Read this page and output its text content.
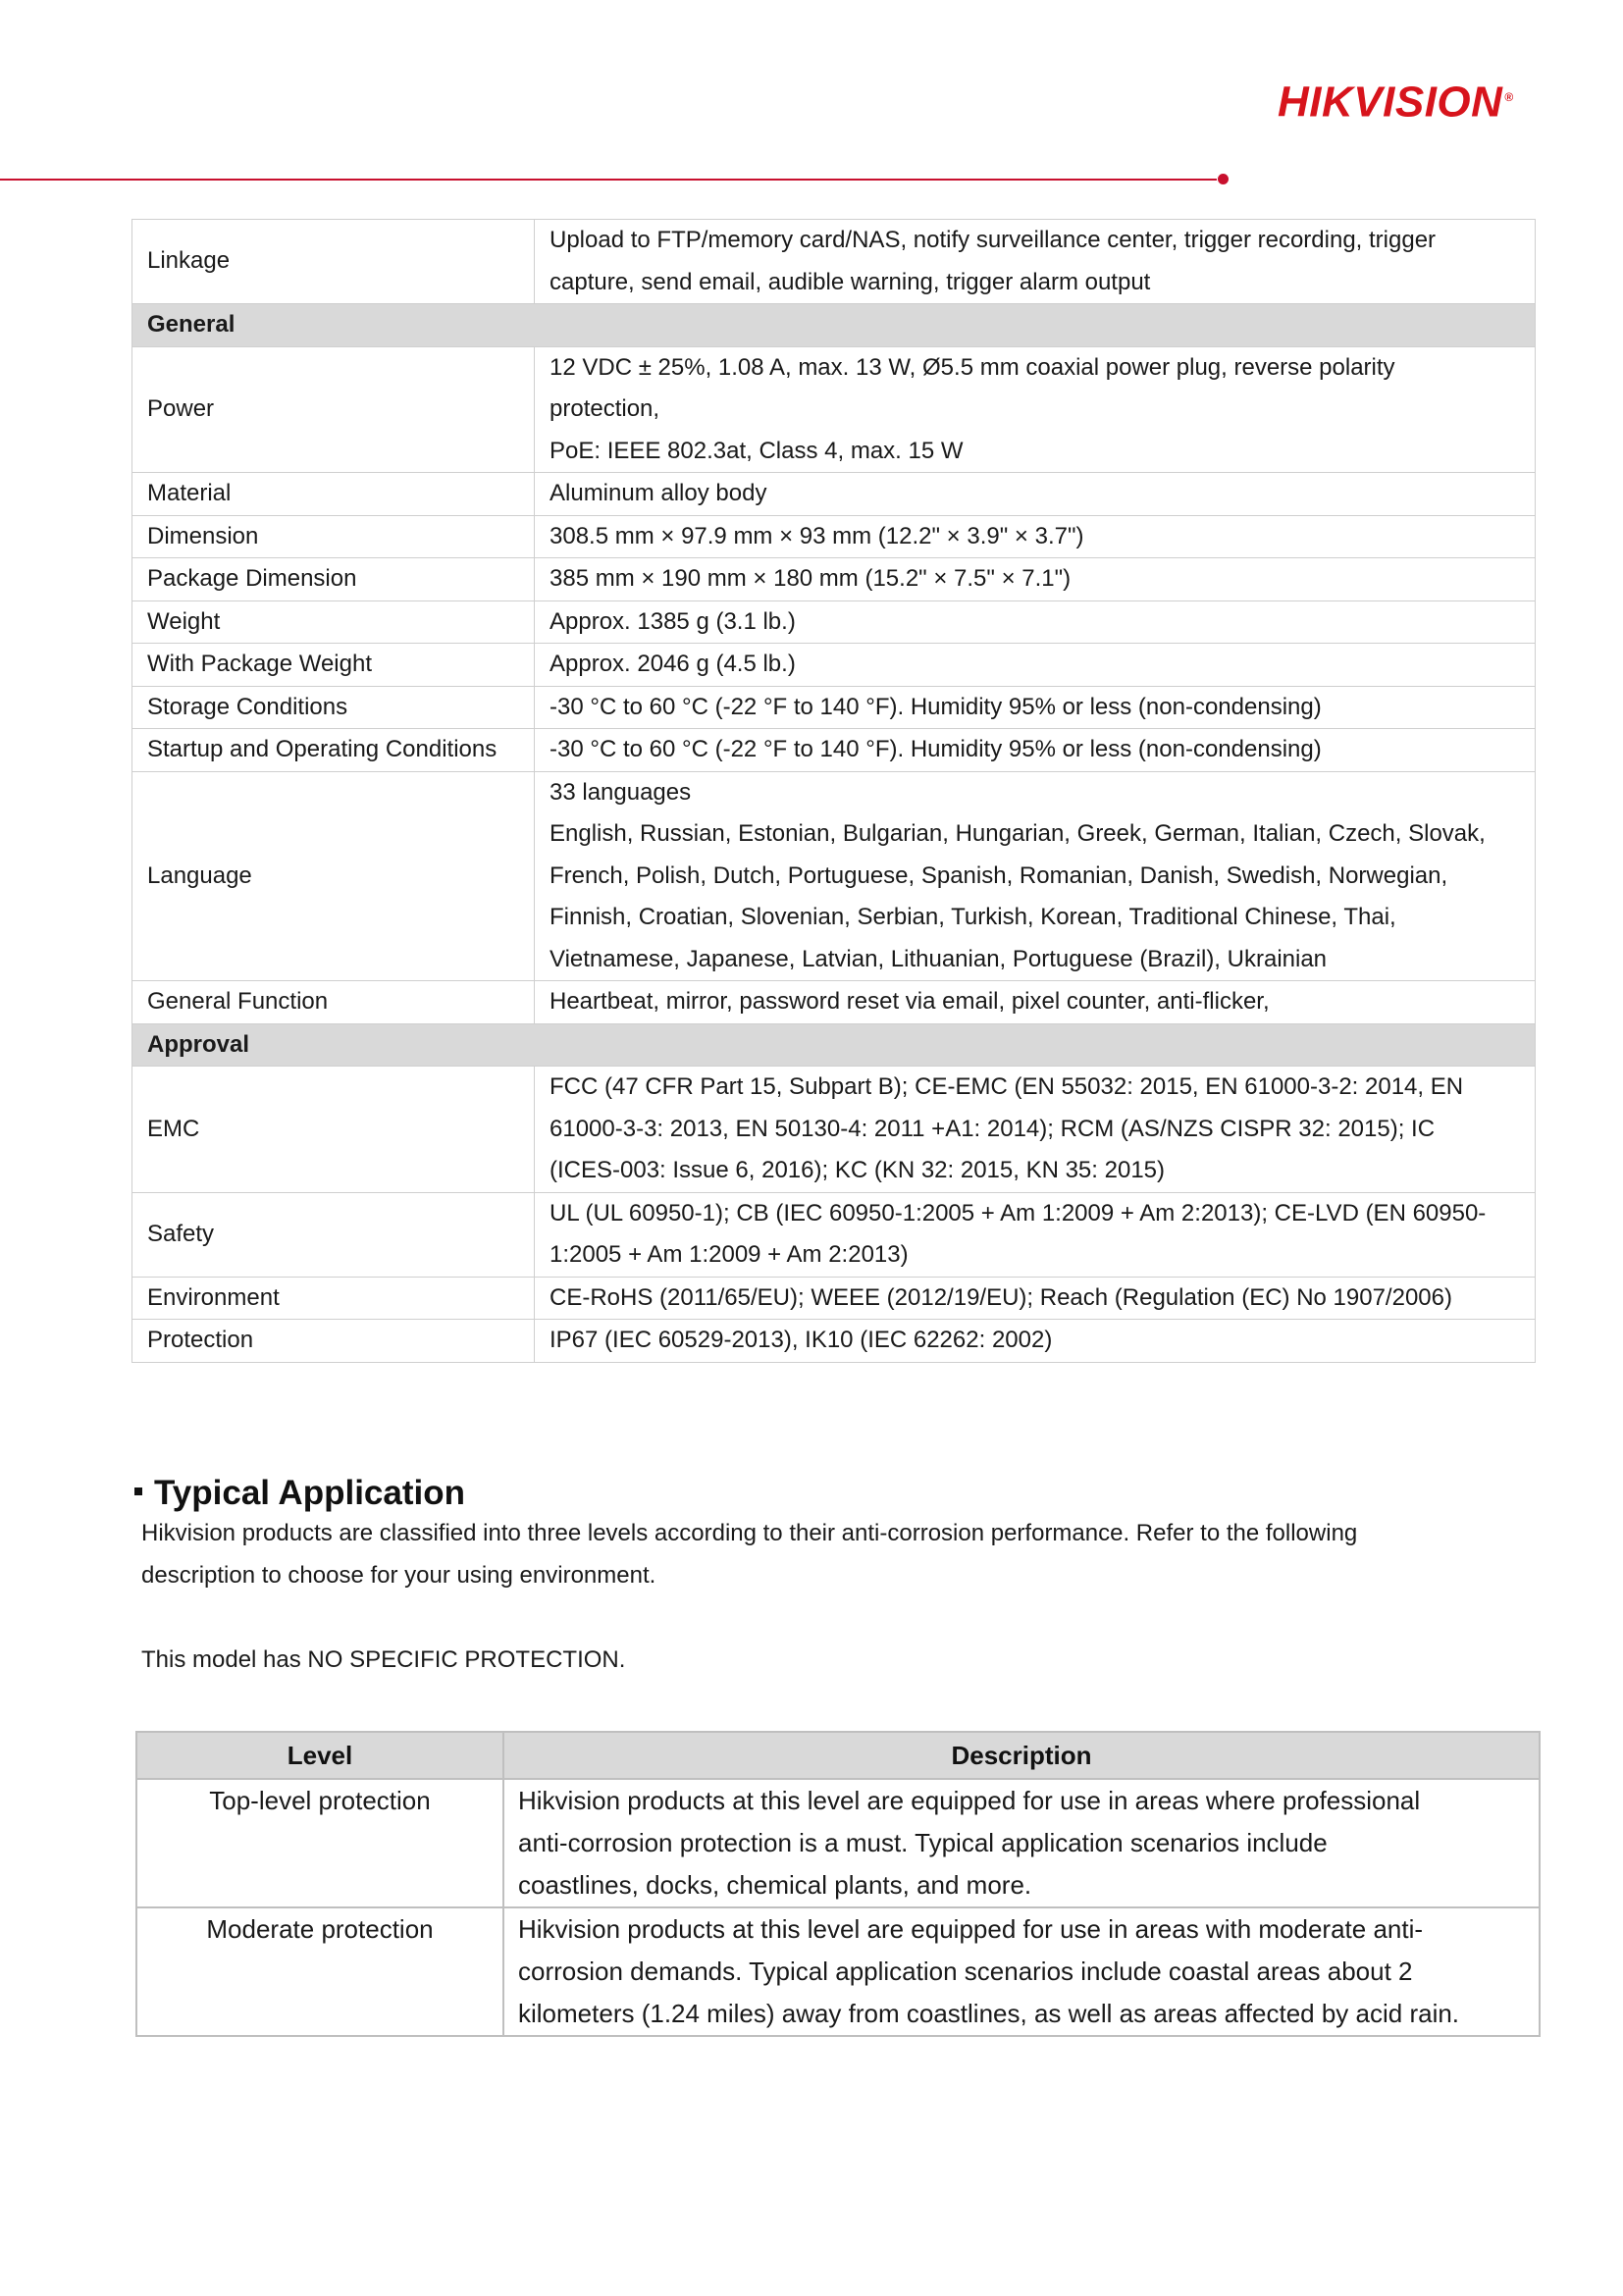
HIKVISION ®
Linkage	Upload to FTP/memory card/NAS, notify surveillance center, trigger recording, trigger
capture, send email, audible warning, trigger alarm output

General	
Power	12 VDC ± 25%, 1.08 A, max. 13 W, Ø5.5 mm coaxial power plug, reverse polarity
protection,
PoE: IEEE 802.3at, Class 4, max. 15 W

Material	Aluminum alloy body

Dimension	308.5 mm × 97.9 mm × 93 mm (12.2" × 3.9" × 3.7")

Package Dimension	385 mm × 190 mm × 180 mm (15.2" × 7.5" × 7.1")

Weight	Approx. 1385 g (3.1 lb.)

With Package Weight	Approx. 2046 g (4.5 lb.)

Storage Conditions	-30 °C to 60 °C (-22 °F to 140 °F). Humidity 95% or less (non-condensing)

Startup and Operating Conditions	-30 °C to 60 °C (-22 °F to 140 °F). Humidity 95% or less (non-condensing)

Language	33 languages
English, Russian, Estonian, Bulgarian, Hungarian, Greek, German, Italian, Czech, Slovak,
French, Polish, Dutch, Portuguese, Spanish, Romanian, Danish, Swedish, Norwegian,
Finnish, Croatian, Slovenian, Serbian, Turkish, Korean, Traditional Chinese, Thai,
Vietnamese, Japanese, Latvian, Lithuanian, Portuguese (Brazil), Ukrainian

General Function	Heartbeat, mirror, password reset via email, pixel counter, anti-flicker,

Approval	
EMC	FCC (47 CFR Part 15, Subpart B); CE-EMC (EN 55032: 2015, EN 61000-3-2: 2014, EN
61000-3-3: 2013, EN 50130-4: 2011 +A1: 2014); RCM (AS/NZS CISPR 32: 2015); IC
(ICES-003: Issue 6, 2016); KC (KN 32: 2015, KN 35: 2015)

Safety	UL (UL 60950-1); CB (IEC 60950-1:2005 + Am 1:2009 + Am 2:2013); CE-LVD (EN 60950-
1:2005 + Am 1:2009 + Am 2:2013)

Environment	CE-RoHS (2011/65/EU); WEEE (2012/19/EU); Reach (Regulation (EC) No 1907/2006)

Protection	IP67 (IEC 60529-2013), IK10 (IEC 62262: 2002)
Typical Application

Hikvision products are classified into three levels according to their anti-corrosion performance. Refer to the following

description to choose for your using environment.

This model has NO SPECIFIC PROTECTION.
Level	Description
Top-level protection	Hikvision products at this level are equipped for use in areas where professional
anti-corrosion protection is a must. Typical application scenarios include
coastlines, docks, chemical plants, and more.

Moderate protection	Hikvision products at this level are equipped for use in areas with moderate anti-
corrosion demands. Typical application scenarios include coastal areas about 2
kilometers (1.24 miles) away from coastlines, as well as areas affected by acid rain.
